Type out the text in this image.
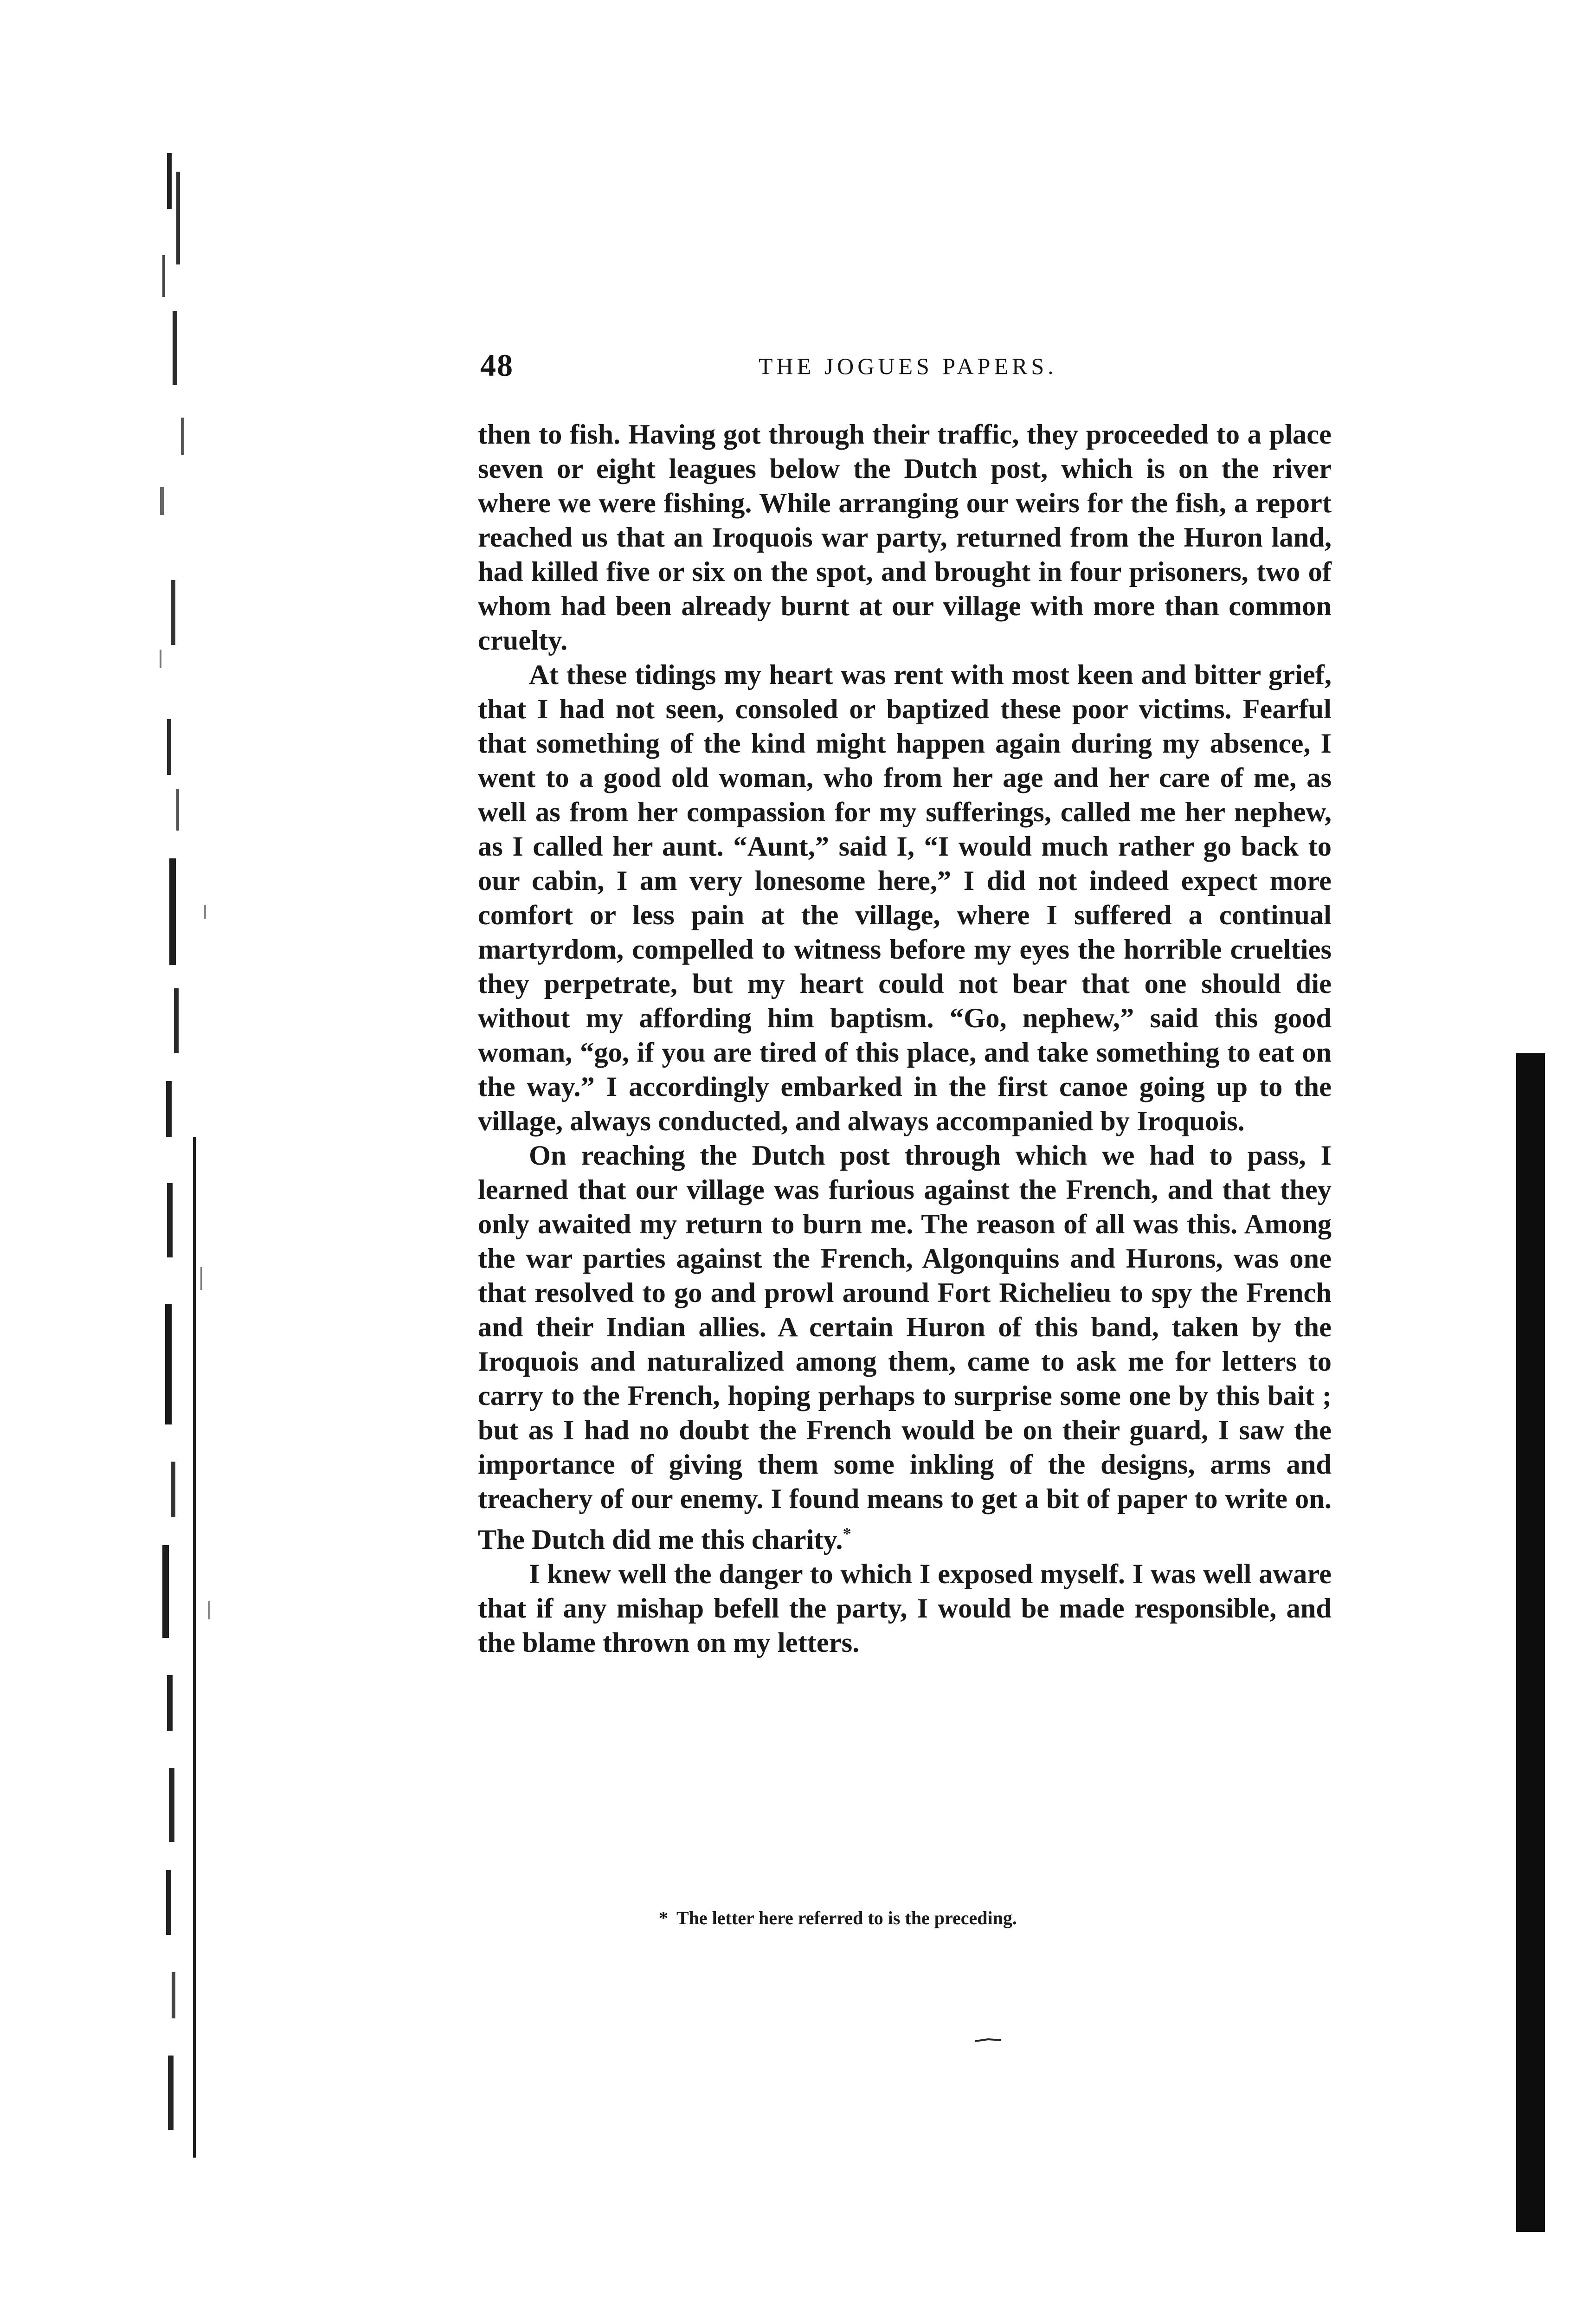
48	THE JOGUES PAPERS.

then to fish. Having got through their traffic, they proceeded to a place seven or eight leagues below the Dutch post, which is on the river where we were fishing. While arranging our weirs for the fish, a report reached us that an Iroquois war party, returned from the Huron land, had killed five or six on the spot, and brought in four prisoners, two of whom had been already burnt at our village with more than common cruelty.

At these tidings my heart was rent with most keen and bitter grief, that I had not seen, consoled or baptized these poor victims. Fearful that something of the kind might happen again during my absence, I went to a good old woman, who from her age and her care of me, as well as from her compassion for my sufferings, called me her nephew, as I called her aunt. “Aunt,” said I, “I would much rather go back to our cabin, I am very lonesome here,” I did not indeed expect more comfort or less pain at the village, where I suffered a continual martyrdom, compelled to witness before my eyes the horrible cruelties they perpetrate, but my heart could not bear that one should die without my affording him baptism. “Go, nephew,” said this good woman, “go, if you are tired of this place, and take something to eat on the way.” I accordingly embarked in the first canoe going up to the village, always conducted, and always accompanied by Iroquois.

On reaching the Dutch post through which we had to pass, I learned that our village was furious against the French, and that they only awaited my return to burn me. The reason of all was this. Among the war parties against the French, Algonquins and Hurons, was one that resolved to go and prowl around Fort Richelieu to spy the French and their Indian allies. A certain Huron of this band, taken by the Iroquois and naturalized among them, came to ask me for letters to carry to the French, hoping perhaps to surprise some one by this bait ; but as I had no doubt the French would be on their guard, I saw the importance of giving them some inkling of the designs, arms and treachery of our enemy. I found means to get a bit of paper to write on. The Dutch did me this charity.*

I knew well the danger to which I exposed myself. I was well aware that if any mishap befell the party, I would be made responsible, and the blame thrown on my letters.

* The letter here referred to is the preceding.
